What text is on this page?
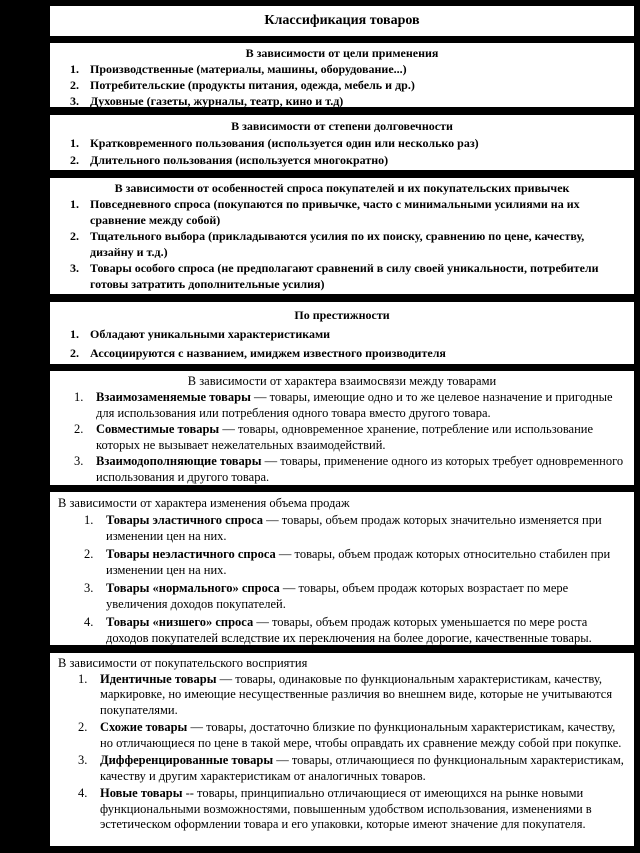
Классификация товаров
В зависимости от цели применения
1. Производственные (материалы, машины, оборудование...)
2. Потребительские (продукты питания, одежда, мебель и др.)
3. Духовные (газеты, журналы, театр, кино и т.д)
В зависимости от степени долговечности
1. Кратковременного пользования (используется один или несколько раз)
2. Длительного пользования (используется многократно)
В зависимости от особенностей спроса покупателей и их покупательских привычек
1. Повседневного спроса (покупаются по привычке, часто с минимальными усилиями на их сравнение между собой)
2. Тщательного выбора (прикладываются усилия по их поиску, сравнению по цене, качеству, дизайну и т.д.)
3. Товары особого спроса (не предполагают сравнений в силу своей уникальности, потребители готовы затратить дополнительные усилия)
По престижности
1. Обладают уникальными характеристиками
2. Ассоциируются с названием, имиджем известного производителя
В зависимости от характера взаимосвязи между товарами
1.	Взаимозаменяемые товары — товары, имеющие одно и то же целевое назначение и пригодные для использования или потребления одного товара вместо другого товара.
2.	Совместимые товары — товары, одновременное хранение, потребление или использование которых не вызывает нежелательных взаимодействий.
3.	Взаимодополняющие товары — товары, применение одного из которых требует одновременного использования и другого товара.
В зависимости от характера изменения объема продаж
1.	Товары эластичного спроса — товары, объем продаж которых значительно изменяется при изменении цен на них.
2.	Товары неэластичного спроса — товары, объем продаж которых относительно стабилен при изменении цен на них.
3.	Товары «нормального» спроса — товары, объем продаж которых возрастает по мере увеличения доходов покупателей.
4.	Товары «низшего» спроса — товары, объем продаж которых уменьшается по мере роста доходов покупателей вследствие их переключения на более дорогие, качественные товары.
В зависимости от покупательского восприятия
1.	Идентичные товары — товары, одинаковые по функциональным характеристикам, качеству, маркировке, но имеющие несущественные различия во внешнем виде, которые не учитываются покупателями.
2.	Схожие товары — товары, достаточно близкие по функциональным характеристикам, качеству, но отличающиеся по цене в такой мере, чтобы оправдать их сравнение между собой при покупке.
3.	Дифференцированные товары — товары, отличающиеся по функциональным характеристикам, качеству и другим характеристикам от аналогичных товаров.
4.	Новые товары -- товары, принципиально отличающиеся от имеющихся на рынке новыми функциональными возможностями, повышенным удобством использования, изменениями в эстетическом оформлении товара и его упаковки, которые имеют значение для покупателя.
